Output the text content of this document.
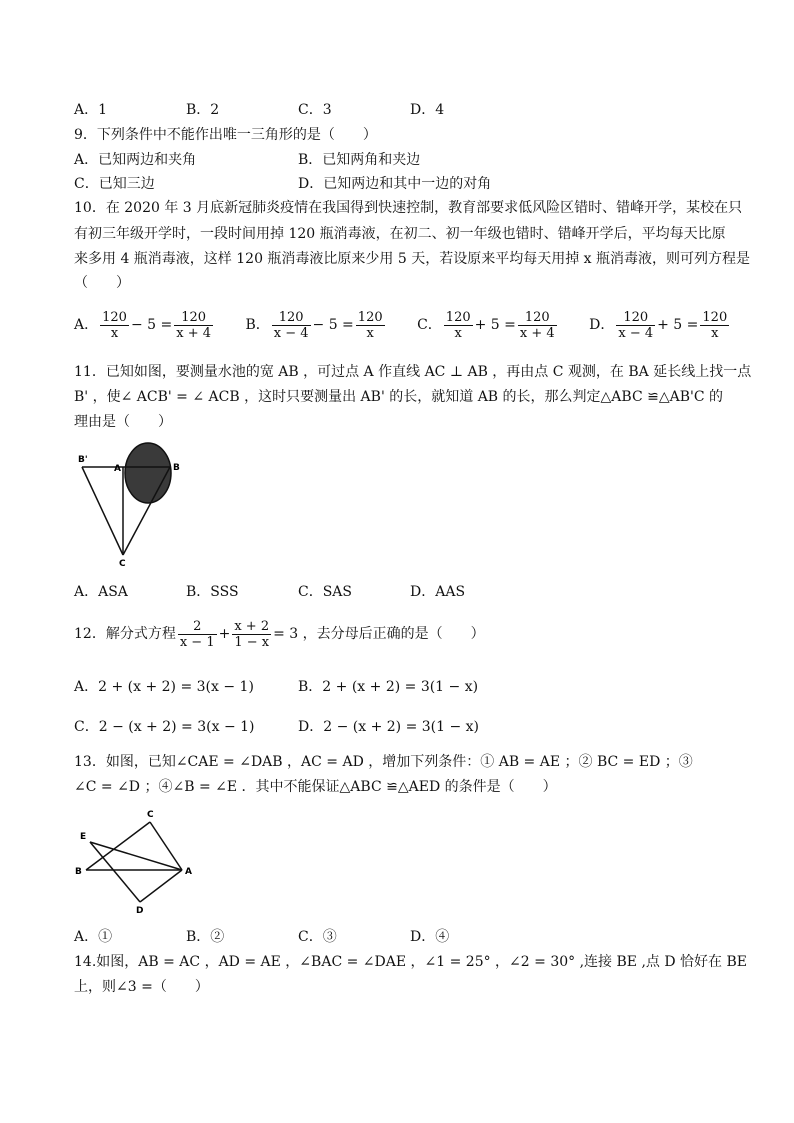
A．1	B．2	C．3	D．4
9．下列条件中不能作出唯一三角形的是（　　）
A．已知两边和夹角	B．已知两角和夹边
C．已知三边	D．已知两边和其中一边的对角
10．在 2020 年 3 月底新冠肺炎疫情在我国得到快速控制，教育部要求低风险区错时、错峰开学，某校在只
有初三年级开学时，一段时间用掉 120 瓶消毒液，在初二、初一年级也错时、错峰开学后，平均每天比原
来多用 4 瓶消毒液，这样 120 瓶消毒液比原来少用 5 天，若设原来平均每天用掉 x 瓶消毒液，则可列方程是
（　　）
A． $\frac{120}{x} - 5 = \frac{120}{x + 4}$ B． $\frac{120}{x - 4} - 5 = \frac{120}{x}$ C． $\frac{120}{x} + 5 = \frac{120}{x + 4}$ D． $\frac{120}{x - 4} + 5 = \frac{120}{x}$
11．已知如图，要测量水池的宽 AB ，可过点 A 作直线 AC ⊥ AB ，再由点 C 观测，在 BA 延长线上找一点
B' ，使∠ ACB' = ∠ ACB ，这时只要测量出 AB' 的长，就知道 AB 的长，那么判定△ABC ≌△AB'C 的
理由是（　　）
B'
A	B
C
A．ASA	B．SSS	C．SAS	D．AAS
12．解分式方程 $\frac{2}{x - 1} + \frac{x + 2}{1 - x} = 3$ ，去分母后正确的是（　　）
A．2 + (x + 2) = 3(x − 1)	B．2 + (x + 2) = 3(1 − x)
C．2 − (x + 2) = 3(x − 1)	D．2 − (x + 2) = 3(1 − x)
13．如图，已知∠CAE = ∠DAB ，AC = AD ，增加下列条件：① AB = AE ；② BC = ED ；③
∠C = ∠D ；④∠B = ∠E ．其中不能保证△ABC ≌△AED 的条件是（　　）
C
E
B	A
D
A．①	B．②	C．③	D．④
14.如图，AB = AC ，AD = AE ，∠BAC = ∠DAE ，∠1 = 25° ，∠2 = 30° ,连接 BE ,点 D 恰好在 BE
上，则∠3 =（　　）
